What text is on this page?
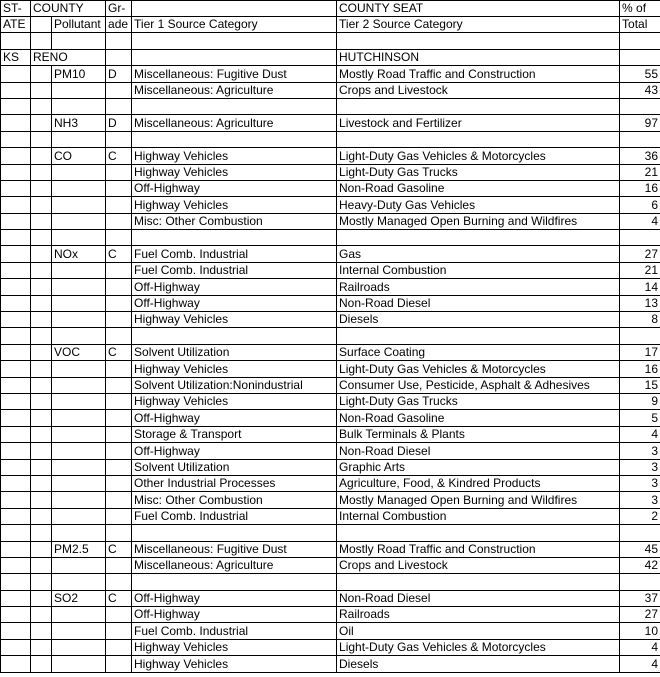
ST-	COUNTY		Gr-		COUNTY SEAT	% of
ATE		Pollutant	ade	Tier 1 Source Category	Tier 2 Source Category	Total

KS	RENO				HUTCHINSON	
		PM10	D	Miscellaneous: Fugitive Dust	Mostly Road Traffic and Construction	55
				Miscellaneous: Agriculture	Crops and Livestock	43

		NH3	D	Miscellaneous: Agriculture	Livestock and Fertilizer	97

		CO	C	Highway Vehicles	Light-Duty Gas Vehicles & Motorcycles	36
				Highway Vehicles	Light-Duty Gas Trucks	21
				Off-Highway	Non-Road Gasoline	16
				Highway Vehicles	Heavy-Duty Gas Vehicles	6
				Misc: Other Combustion	Mostly Managed Open Burning and Wildfires	4

		NOx	C	Fuel Comb. Industrial	Gas	27
				Fuel Comb. Industrial	Internal Combustion	21
				Off-Highway	Railroads	14
				Off-Highway	Non-Road Diesel	13
				Highway Vehicles	Diesels	8

		VOC	C	Solvent Utilization	Surface Coating	17
				Highway Vehicles	Light-Duty Gas Vehicles & Motorcycles	16
				Solvent Utilization:Nonindustrial	Consumer Use, Pesticide, Asphalt & Adhesives	15
				Highway Vehicles	Light-Duty Gas Trucks	9
				Off-Highway	Non-Road Gasoline	5
				Storage & Transport	Bulk Terminals & Plants	4
				Off-Highway	Non-Road Diesel	3
				Solvent Utilization	Graphic Arts	3
				Other Industrial Processes	Agriculture, Food, & Kindred Products	3
				Misc: Other Combustion	Mostly Managed Open Burning and Wildfires	3
				Fuel Comb. Industrial	Internal Combustion	2

		PM2.5	C	Miscellaneous: Fugitive Dust	Mostly Road Traffic and Construction	45
				Miscellaneous: Agriculture	Crops and Livestock	42

		SO2	C	Off-Highway	Non-Road Diesel	37
				Off-Highway	Railroads	27
				Fuel Comb. Industrial	Oil	10
				Highway Vehicles	Light-Duty Gas Vehicles & Motorcycles	4
				Highway Vehicles	Diesels	4
